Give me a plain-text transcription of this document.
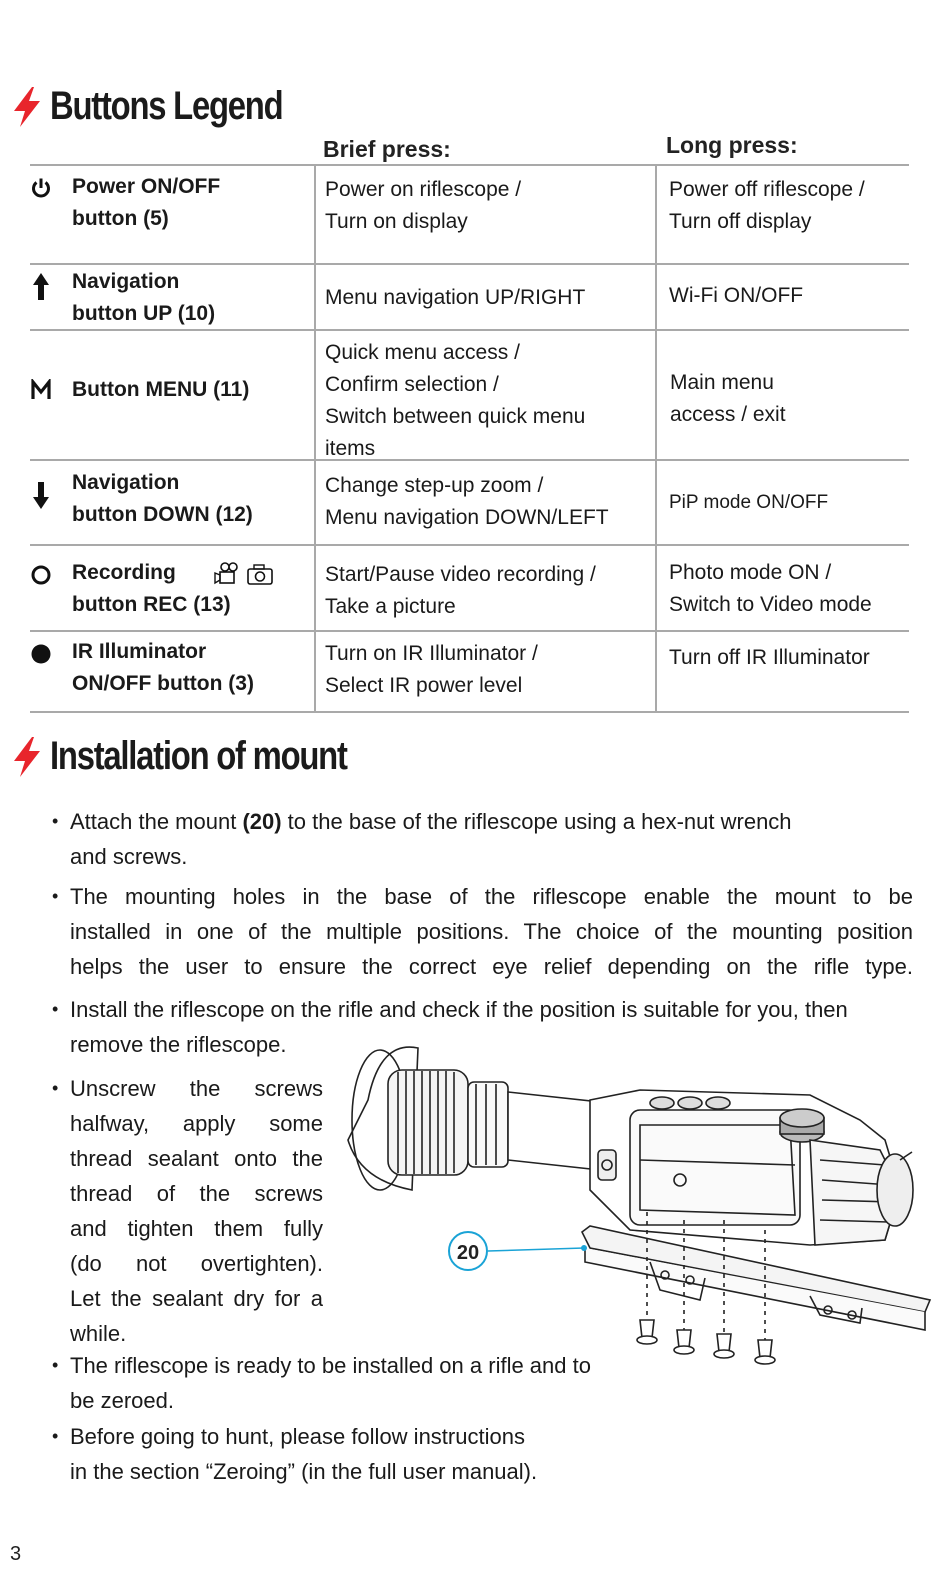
Buttons Legend
Brief press:	Long press:
Power ON/OFF
button (5)
Power on riflescope /
Turn on display
Power off riflescope /
Turn off display
Navigation
button UP (10)
Menu navigation UP/RIGHT	Wi-Fi ON/OFF
Button MENU (11)
Quick menu access /
Confirm selection /
Switch between quick menu
items
Main menu
access / exit
Navigation
button DOWN (12)
Change step-up zoom /
Menu navigation DOWN/LEFT
PiP mode ON/OFF
Recording
button REC (13)
Start/Pause video recording /
Take a picture
Photo mode ON /
Switch to Video mode
IR Illuminator
ON/OFF button (3)
Turn on IR Illuminator /
Select IR power level
Turn off IR Illuminator
Installation of mount
• Attach the mount (20) to the base of the riflescope using a hex-nut wrench
and screws.
• The mounting holes in the base of the riflescope enable the mount to be
installed in one of the multiple positions. The choice of the mounting position
helps the user to ensure the correct eye relief depending on the rifle type.
• Install the riflescope on the rifle and check if the position is suitable for you, then
remove the riflescope.
• Unscrew the screws
halfway, apply some
thread sealant onto the
thread of the screws
and tighten them fully
(do not overtighten).
Let the sealant dry for a
while.
• The riflescope is ready to be installed on a rifle and to
be zeroed.
• Before going to hunt, please follow instructions
in the section “Zeroing” (in the full user manual).
20
3
